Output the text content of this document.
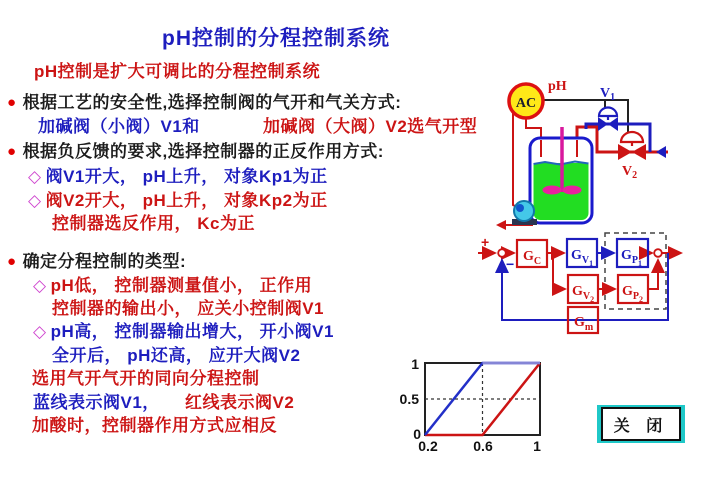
pH控制的分程控制系统
pH控制是扩大可调比的分程控制系统
● 根据工艺的安全性,选择控制阀的气开和气关方式:
加碱阀（小阀）V1和	加碱阀（大阀）V2选气开型
● 根据负反馈的要求,选择控制器的正反作用方式:
◇ 阀V1开大， pH上升， 对象Kp1为正
◇ 阀V2开大， pH上升， 对象Kp2为正
控制器选反作用， Kc为正
● 确定分程控制的类型:
◇ pH低， 控制器测量值小， 正作用
控制器的输出小， 应关小控制阀V1
◇ pH高， 控制器输出增大， 开小阀V1
全开后， pH还高， 应开大阀V2
选用气开气开的同向分程控制
蓝线表示阀V1， 红线表示阀V2
加酸时，控制器作用方式应相反
AC
pH $V_1$
$V_2$
+
− $G_C$ $G_{V1}$
$G_{V2}$
$G_{P1}$
$G_{P2}$
$G_m$
1
0.5
0
0.2	0.6	1
关 闭
